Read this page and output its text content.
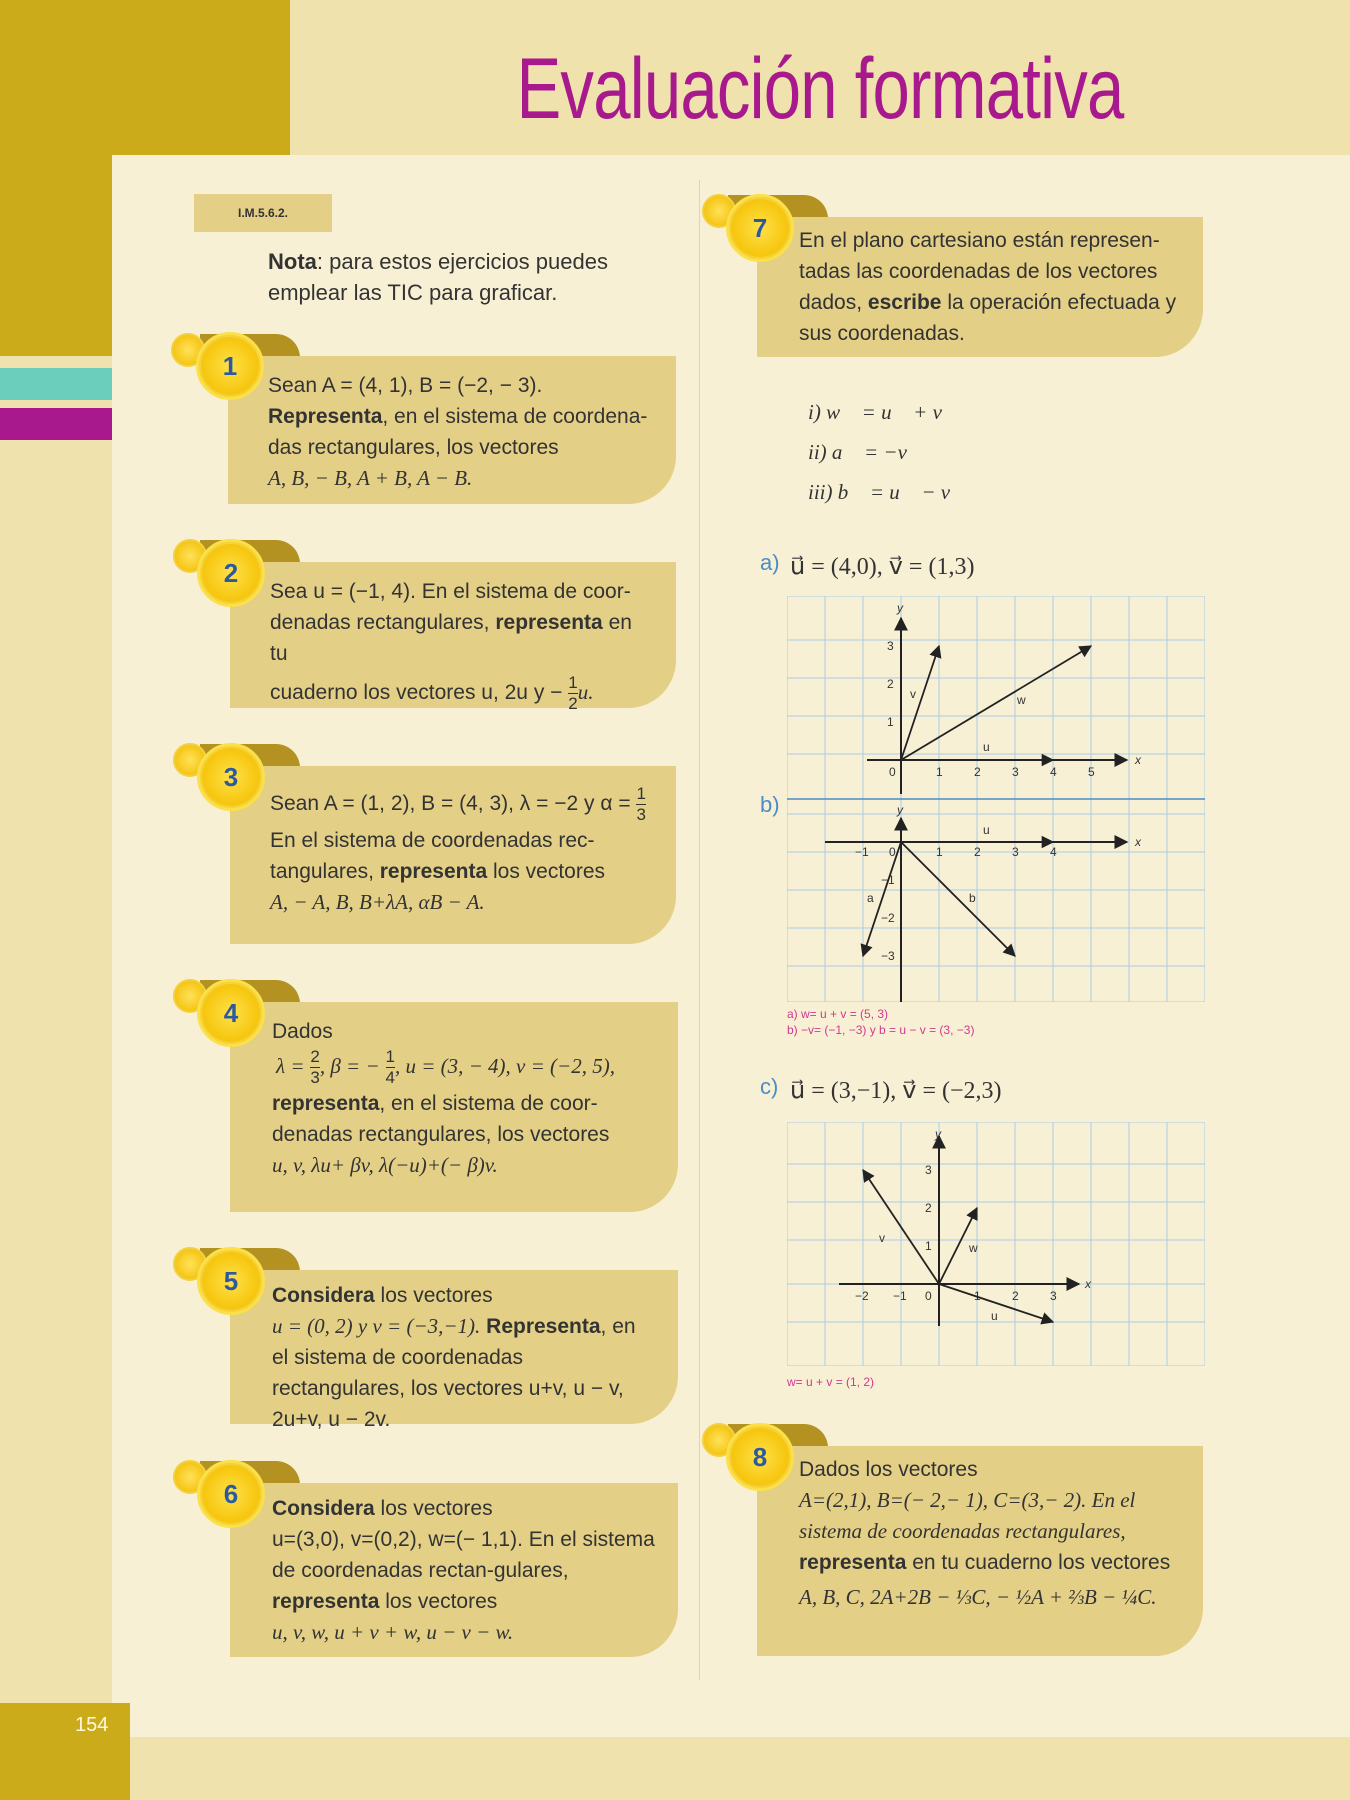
154
Evaluación formativa
I.M.5.6.2.
Nota: para estos ejercicios puedes emplear las TIC para graficar.
Sean A = (4, 1), B = (−2, − 3).
Representa, en el sistema de coordena-das rectangulares, los vectores
A, B, − B, A + B, A − B.
1
Sea u = (−1, 4). En el sistema de coor-denadas rectangulares, representa en tu
cuaderno los vectores u, 2u $y - \frac{1}{2} u$.
2
Sean A = (1, 2), B = (4, 3), λ = −2 y $\alpha = \frac{1}{3}$

En el sistema de coordenadas rec-tangulares, representa los vectores
A, − A, B, B+λA, αB − A.
3
Dados
$\lambda = \frac{2}{3}$ , β = − $\frac{1}{4}$ , u = (3, − 4), v = (−2, 5),
representa, en el sistema de coor-denadas rectangulares, los vectores
u, v, λu+ βv, λ(−u)+(− β)v.
4
Considera los vectores
u = (0, 2) y v = (−3,−1). Representa, en el sistema de coordenadas rectangulares, los vectores u+v, u − v, 2u+v, u − 2v.
5
Considera los vectores
u=(3,0), v=(0,2), w=(− 1,1). En el sistema de coordenadas rectan-gulares, representa los vectores
u, v, w, u + v + w, u − v − w.
6
En el plano cartesiano están represen-tadas las coordenadas de los vectores dados, escribe la operación efectuada y sus coordenadas.
7
i) w⃗ = u⃗ + v⃗
ii) a⃗ = −v⃗
iii) b⃗ = u⃗ − v⃗
a) u⃗ = (4,0), v⃗ = (1,3)
b)
x
y
0	1	2	3	4	5
1
2
3
u
v	w
x
y
−1 0	1	2	3	4
−1
−2
−3
u
a	b
a) w= u + v = (5, 3)
b) −v= (−1, −3) y b = u − v = (3, −3)
c) u⃗ = (3,−1), v⃗ = (−2,3)
x
y
−2 −1 0	1	2	3
1
2
3
u
v
w
w= u + v = (1, 2)
Dados los vectores
A=(2,1), B=(− 2,− 1), C=(3,− 2). En el sistema de coordenadas rectangulares, representa en tu cuaderno los vectores

A, B, C, 2A+2B − ⅓C, − ½A + ⅔B − ¼C.
8
